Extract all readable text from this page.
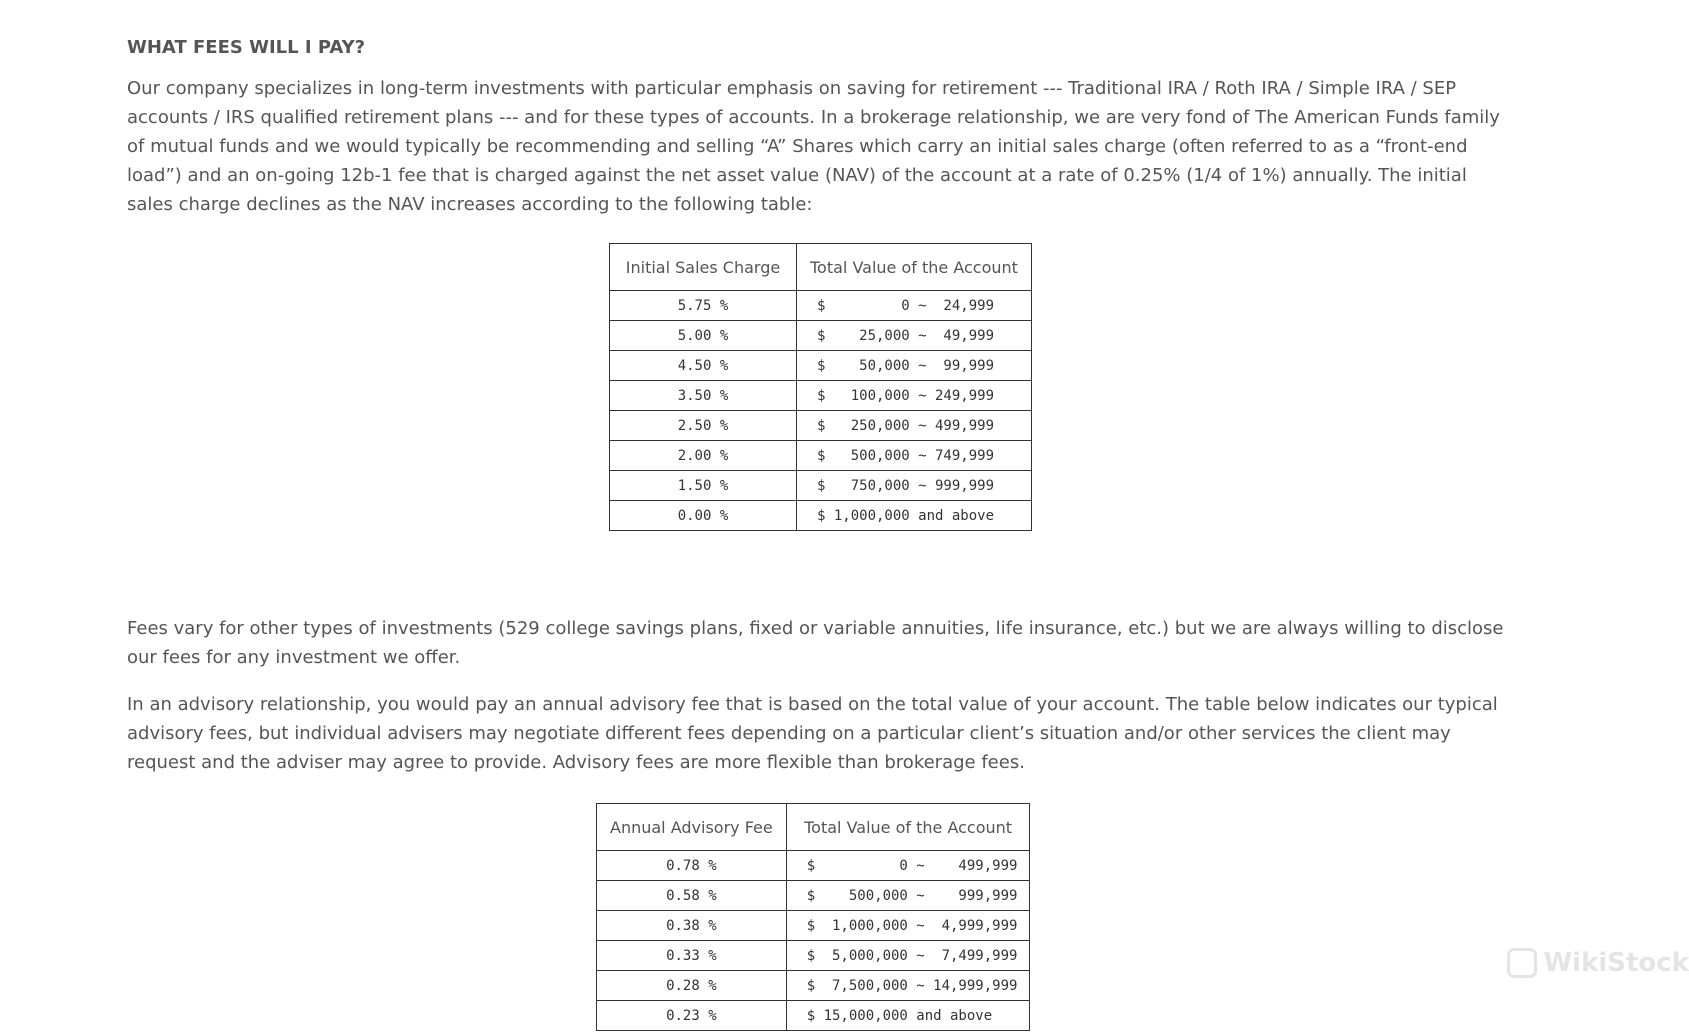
WHAT FEES WILL I PAY?

Our company specializes in long-term investments with particular emphasis on saving for retirement --- Traditional IRA / Roth IRA / Simple IRA / SEP accounts / IRS qualified retirement plans --- and for these types of accounts. In a brokerage relationship, we are very fond of The American Funds family of mutual funds and we would typically be recommending and selling “A” Shares which carry an initial sales charge (often referred to as a “front-end load”) and an on-going 12b-1 fee that is charged against the net asset value (NAV) of the account at a rate of 0.25% (1/4 of 1%) annually. The initial sales charge declines as the NAV increases according to the following table:

Fees vary for other types of investments (529 college savings plans, fixed or variable annuities, life insurance, etc.) but we are always willing to disclose our fees for any investment we offer.

In an advisory relationship, you would pay an annual advisory fee that is based on the total value of your account. The table below indicates our typical advisory fees, but individual advisers may negotiate different fees depending on a particular client’s situation and/or other services the client may request and the adviser may agree to provide. Advisory fees are more flexible than brokerage fees.

Initial Sales Charge	Total Value of the Account
5.75 %	$         0 ~  24,999
5.00 %	$    25,000 ~  49,999
4.50 %	$    50,000 ~  99,999
3.50 %	$   100,000 ~ 249,999
2.50 %	$   250,000 ~ 499,999
2.00 %	$   500,000 ~ 749,999
1.50 %	$   750,000 ~ 999,999
0.00 %	$ 1,000,000 and above
Annual Advisory Fee	Total Value of the Account
0.78 %	$          0 ~    499,999
0.58 %	$    500,000 ~    999,999
0.38 %	$  1,000,000 ~  4,999,999
0.33 %	$  5,000,000 ~  7,499,999
0.28 %	$  7,500,000 ~ 14,999,999
0.23 %	$ 15,000,000 and above
WikiStock
